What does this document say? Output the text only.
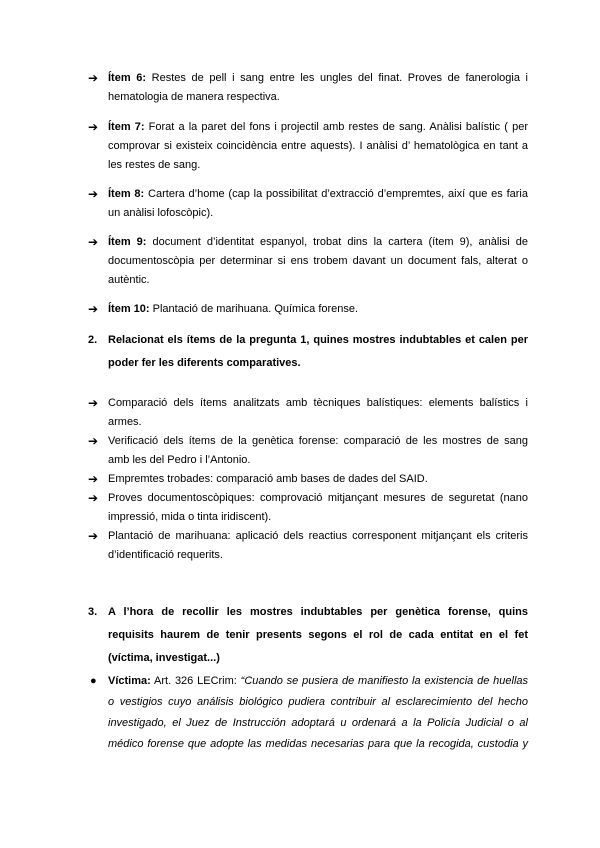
➔ Ítem 6: Restes de pell i sang entre les ungles del finat. Proves de fanerologia i
hematologia de manera respectiva.
➔ Ítem 7: Forat a la paret del fons i projectil amb restes de sang. Anàlisi balístic ( per
comprovar si existeix coincidència entre aquests). I anàlisi d’ hematològica en tant a
les restes de sang.
➔ Ítem 8: Cartera d’home (cap la possibilitat d’extracció d’empremtes, així que es faria
un anàlisi lofoscòpic).
➔ Ítem 9: document d’identitat espanyol, trobat dins la cartera (ítem 9), anàlisi de
documentoscòpia per determinar si ens trobem davant un document fals, alterat o
autèntic.
➔ Ítem 10: Plantació de marihuana. Química forense.
2. Relacionat els ítems de la pregunta 1, quines mostres indubtables et calen per
poder fer les diferents comparatives.
➔ Comparació dels ítems analitzats amb tècniques balístiques: elements balístics i
armes.
➔ Verificació dels ítems de la genètica forense: comparació de les mostres de sang
amb les del Pedro i l’Antonio.
➔ Empremtes trobades: comparació amb bases de dades del SAID.
➔ Proves documentoscòpiques: comprovació mitjançant mesures de seguretat (nano
impressió, mida o tinta iridiscent).
➔ Plantació de marihuana: aplicació dels reactius corresponent mitjançant els criteris
d’identificació requerits.
3. A l’hora de recollir les mostres indubtables per genètica forense, quins
requisits haurem de tenir presents segons el rol de cada entitat en el fet
(víctima, investigat...)
● Víctima: Art. 326 LECrim: “Cuando se pusiera de manifiesto la existencia de huellas
o vestigios cuyo análisis biológico pudiera contribuir al esclarecimiento del hecho
investigado, el Juez de Instrucción adoptará u ordenará a la Policía Judicial o al
médico forense que adopte las medidas necesarias para que la recogida, custodia y
